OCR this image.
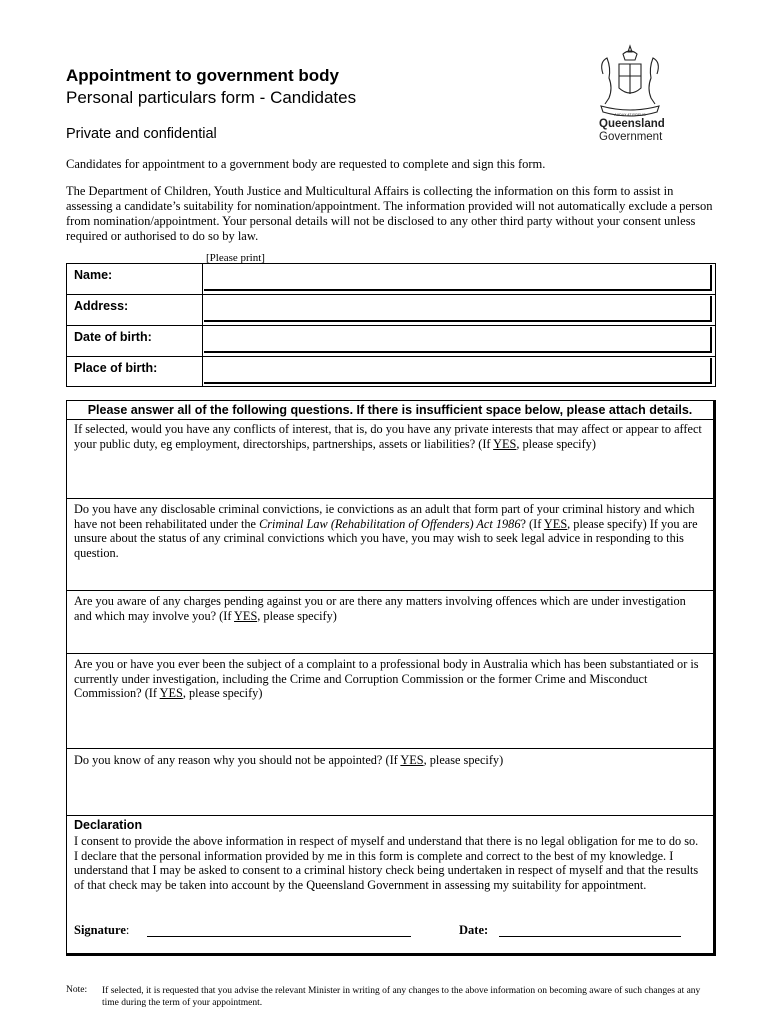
Appointment to government body
Personal particulars form - Candidates
Private and confidential
AUDAX AT FIDELIS
Queensland
Government
Candidates for appointment to a government body are requested to complete and sign this form.
The Department of Children, Youth Justice and Multicultural Affairs is collecting the information on this form to assist in assessing a candidate’s suitability for nomination/appointment. The information provided will not automatically exclude a person from nomination/appointment. Your personal details will not be disclosed to any other third party without your consent unless required or authorised to do so by law.
[Please print]
Name:
Address:
Date of birth:
Place of birth:
Please answer all of the following questions. If there is insufficient space below, please attach details.
If selected, would you have any conflicts of interest, that is, do you have any private interests that may affect or appear to affect your public duty, eg employment, directorships, partnerships, assets or liabilities? (If YES, please specify)
Do you have any disclosable criminal convictions, ie convictions as an adult that form part of your criminal history and which have not been rehabilitated under the Criminal Law (Rehabilitation of Offenders) Act 1986? (If YES, please specify) If you are unsure about the status of any criminal convictions which you have, you may wish to seek legal advice in responding to this question.
Are you aware of any charges pending against you or are there any matters involving offences which are under investigation and which may involve you? (If YES, please specify)
Are you or have you ever been the subject of a complaint to a professional body in Australia which has been substantiated or is currently under investigation, including the Crime and Corruption Commission or the former Crime and Misconduct Commission? (If YES, please specify)
Do you know of any reason why you should not be appointed? (If YES, please specify)
Declaration
I consent to provide the above information in respect of myself and understand that there is no legal obligation for me to do so. I declare that the personal information provided by me in this form is complete and correct to the best of my knowledge. I understand that I may be asked to consent to a criminal history check being undertaken in respect of myself and that the results of that check may be taken into account by the Queensland Government in assessing my suitability for appointment.
Signature:	Date:
Note: If selected, it is requested that you advise the relevant Minister in writing of any changes to the above information on becoming aware of such changes at any time during the term of your appointment.
